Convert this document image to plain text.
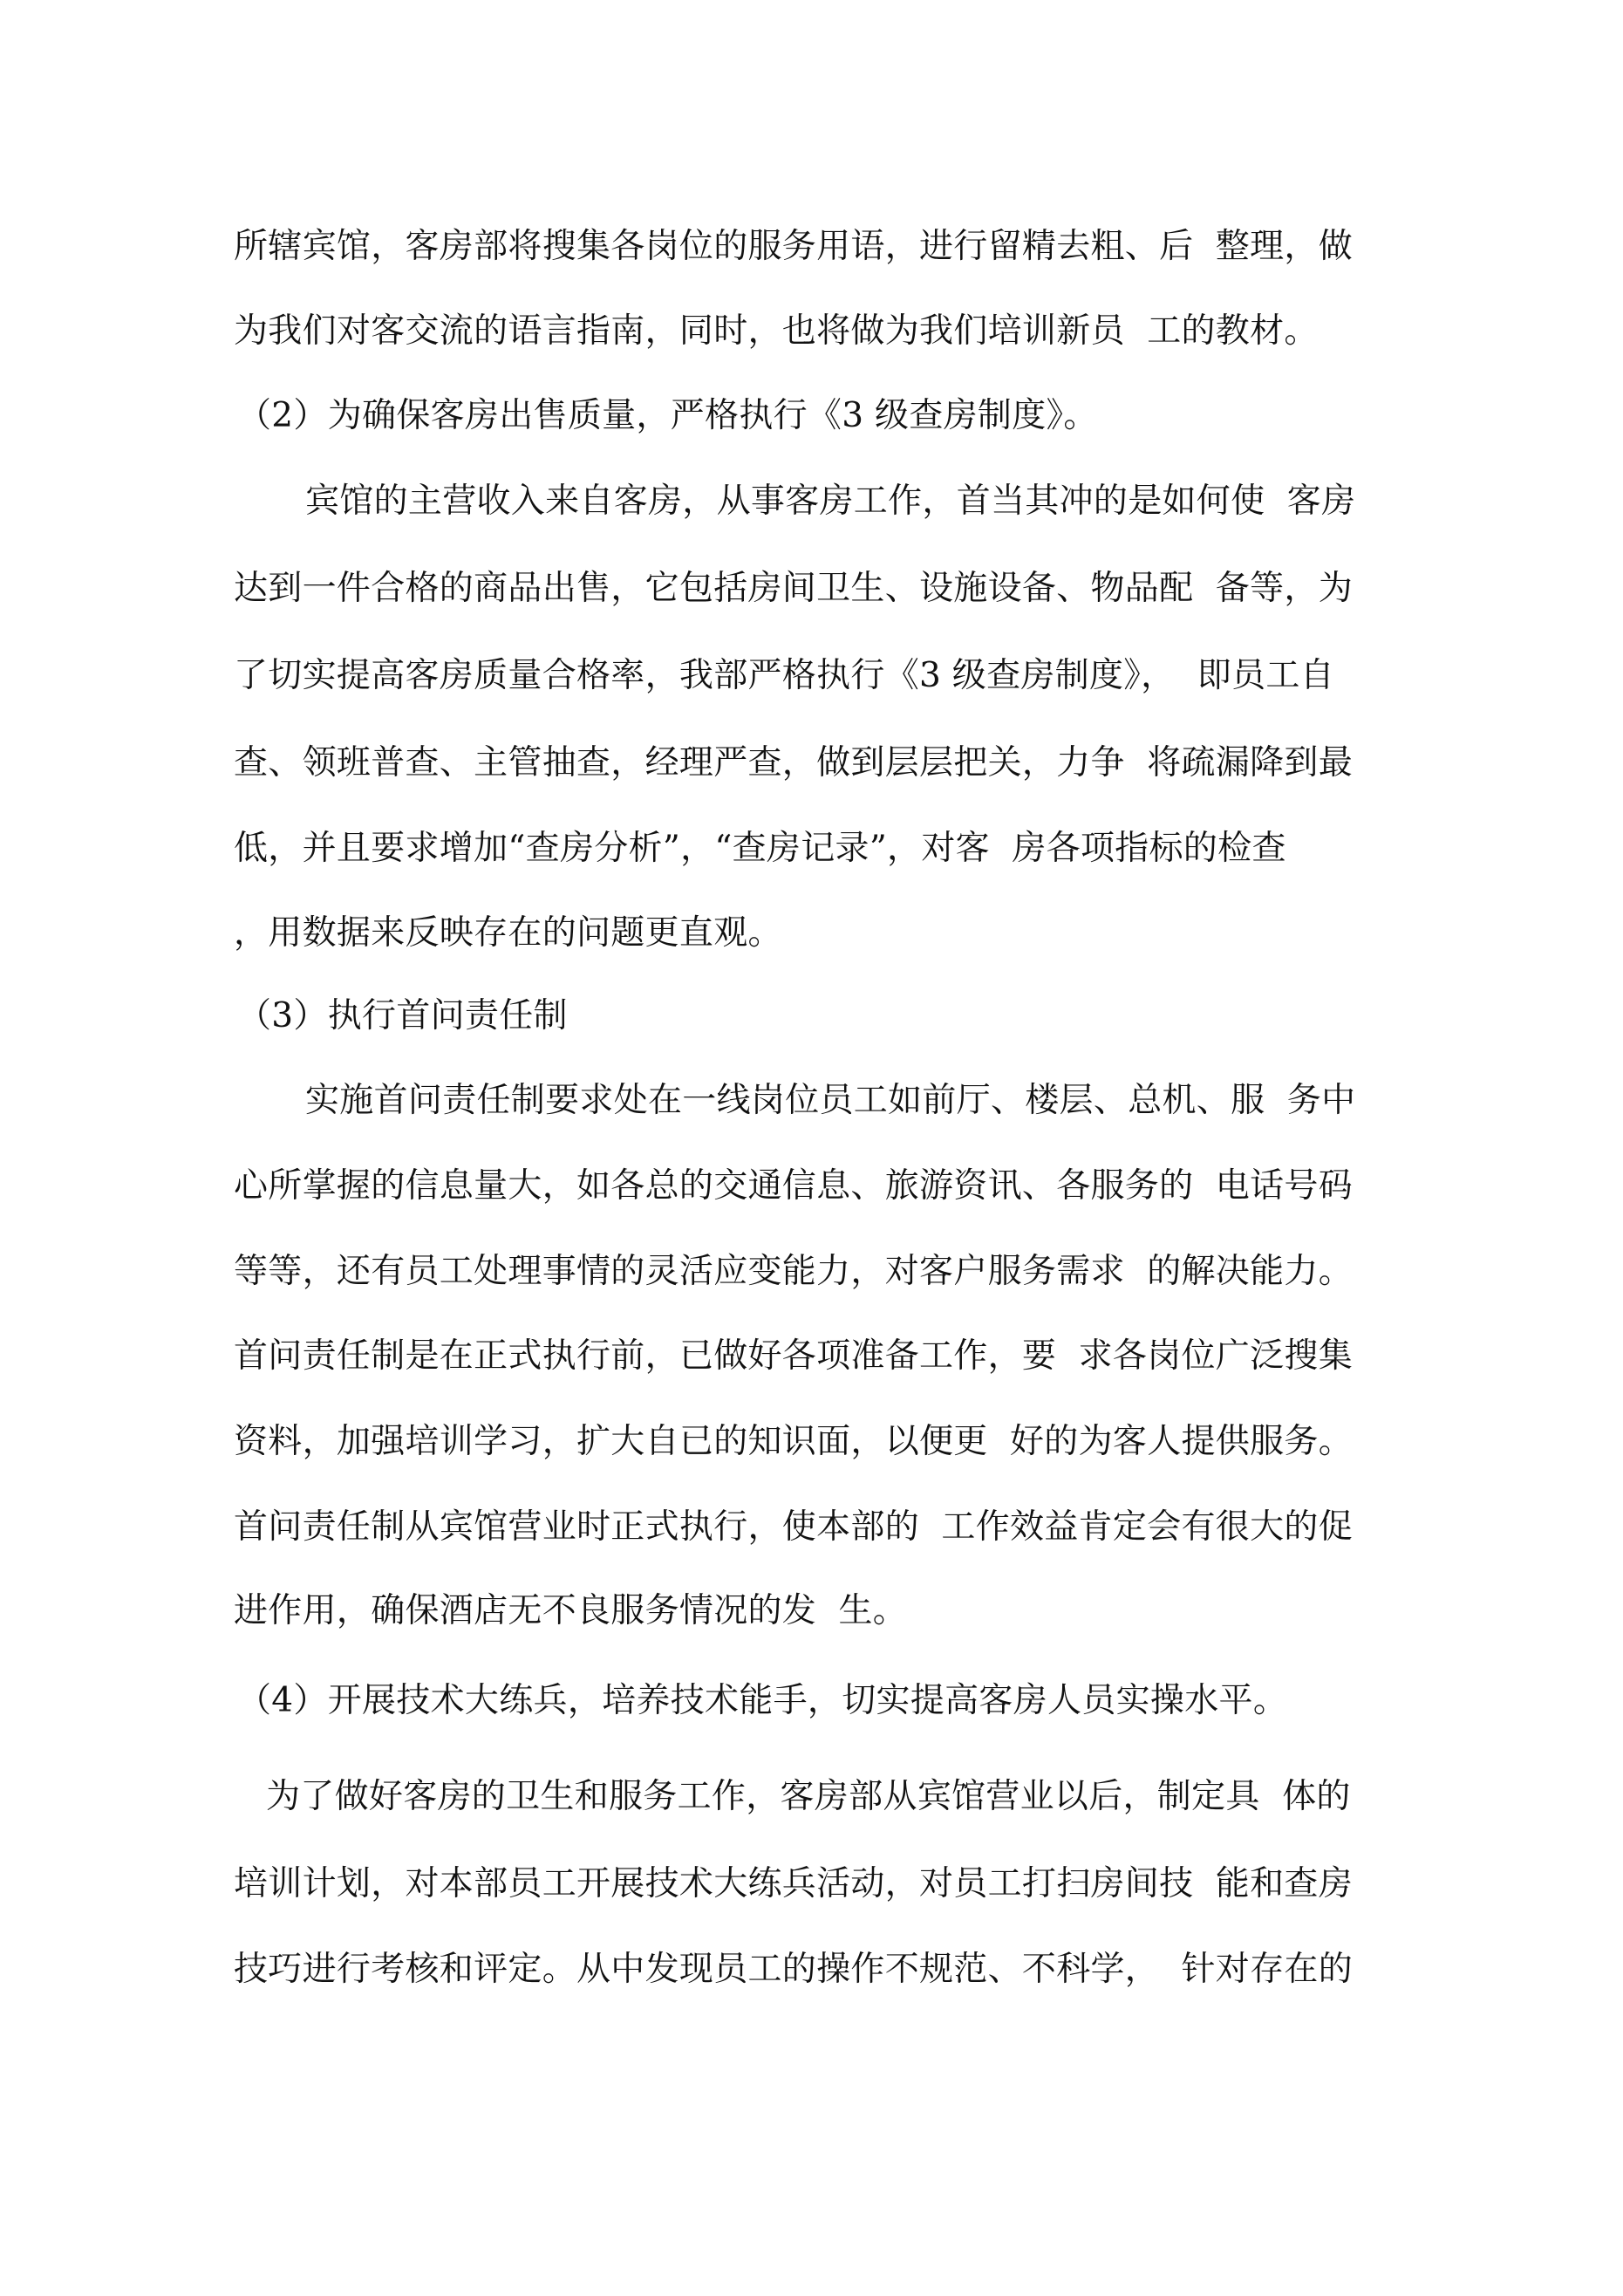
所辖宾馆，客房部将搜集各岗位的服务用语，进行留精去粗、后  整理，做

为我们对客交流的语言指南，同时，也将做为我们培训新员  工的教材。

（2）为确保客房出售质量，严格执行《3 级查房制度》。

宾馆的主营收入来自客房，从事客房工作，首当其冲的是如何使  客房

达到一件合格的商品出售，它包括房间卫生、设施设备、物品配  备等，为

了切实提高客房质量合格率，我部严格执行《3 级查房制度》，  即员工自

查、领班普查、主管抽查，经理严查，做到层层把关，力争  将疏漏降到最

低，并且要求增加“查房分析”，“查房记录”，对客  房各项指标的检查

，用数据来反映存在的问题更直观。

（3）执行首问责任制

实施首问责任制要求处在一线岗位员工如前厅、楼层、总机、服  务中

心所掌握的信息量大，如各总的交通信息、旅游资讯、各服务的  电话号码

等等，还有员工处理事情的灵活应变能力，对客户服务需求  的解决能力。

首问责任制是在正式执行前，已做好各项准备工作，要  求各岗位广泛搜集

资料，加强培训学习，扩大自已的知识面，以便更  好的为客人提供服务。

首问责任制从宾馆营业时正式执行，使本部的  工作效益肯定会有很大的促

进作用，确保酒店无不良服务情况的发  生。

（4）开展技术大练兵，培养技术能手，切实提高客房人员实操水平。

为了做好客房的卫生和服务工作，客房部从宾馆营业以后，制定具  体的

培训计划，对本部员工开展技术大练兵活动，对员工打扫房间技  能和查房

技巧进行考核和评定。从中发现员工的操作不规范、不科学，  针对存在的
